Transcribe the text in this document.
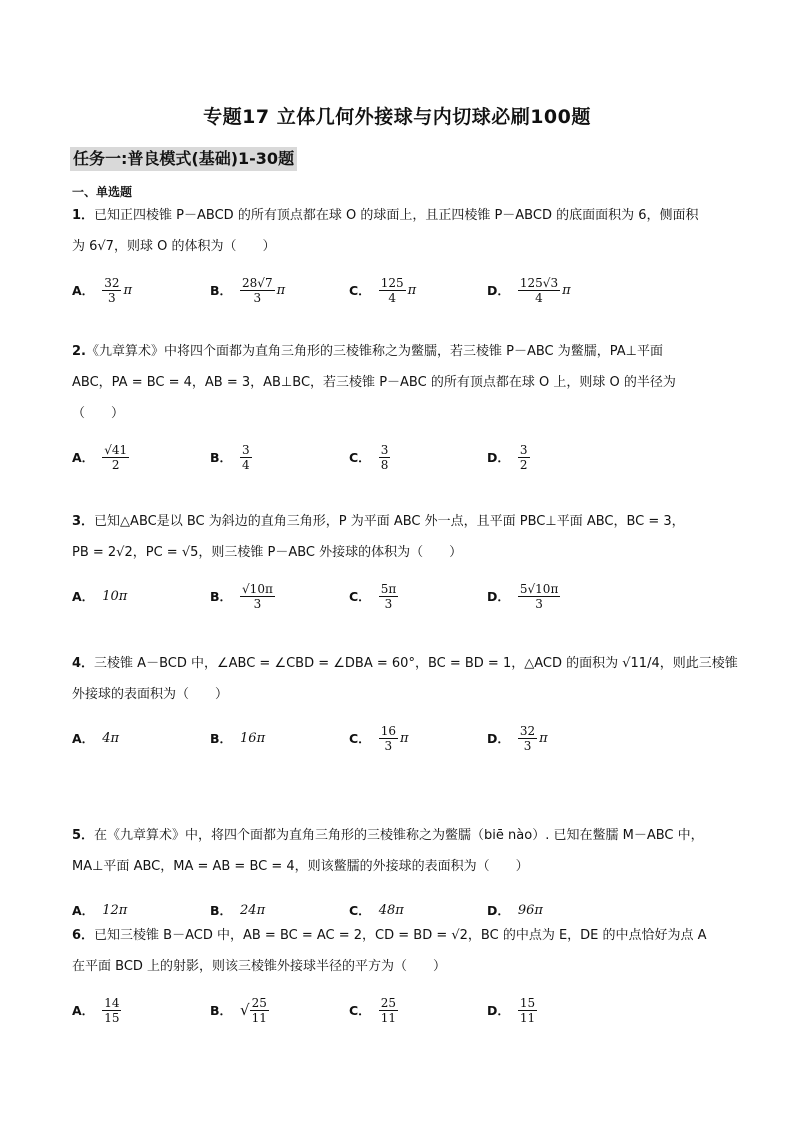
专题17 立体几何外接球与内切球必刷100题
任务一:普良模式(基础)1-30题
一、单选题
1．已知正四棱锥 P－ABCD 的所有顶点都在球 O 的球面上，且正四棱锥 P－ABCD 的底面面积为 6，侧面积
为 6√7，则球 O 的体积为（　　）
A． $\frac{32}{3}$ π	B． $\frac{28√7}{3}$ π	C． $\frac{125}{4}$ π	D． $\frac{125√3}{4}$ π
2.《九章算术》中将四个面都为直角三角形的三棱锥称之为鳖臑，若三棱锥 P－ABC 为鳖臑，PA⊥平面
ABC，PA = BC = 4，AB = 3，AB⊥BC，若三棱锥 P－ABC 的所有顶点都在球 O 上，则球 O 的半径为
（　　）
A． $\frac{√41}{2}$	B． $\frac{3}{4}$	C． $\frac{3}{8}$	D． $\frac{3}{2}$
3．已知△ABC是以 BC 为斜边的直角三角形，P 为平面 ABC 外一点，且平面 PBC⊥平面 ABC，BC = 3，
PB = 2√2，PC = √5，则三棱锥 P－ABC 外接球的体积为（　　）
A． 10π	B． $\frac{√10\pi}{3}$	C． $\frac{5\pi}{3}$	D． $\frac{5√10\pi}{3}$
4．三棱锥 A－BCD 中，∠ABC = ∠CBD = ∠DBA = 60°，BC = BD = 1，△ACD 的面积为 √11/4，则此三棱锥
外接球的表面积为（　　）
A． 4π	B． 16π	C． $\frac{16}{3}$ π	D． $\frac{32}{3}$ π
5．在《九章算术》中，将四个面都为直角三角形的三棱锥称之为鳖臑（biē nào）. 已知在鳖臑 M－ABC 中，
MA⊥平面 ABC，MA = AB = BC = 4，则该鳖臑的外接球的表面积为（　　）
A． 12π	B． 24π	C． 48π	D． 96π
6．已知三棱锥 B－ACD 中，AB = BC = AC = 2，CD = BD = √2，BC 的中点为 E，DE 的中点恰好为点 A
在平面 BCD 上的射影，则该三棱锥外接球半径的平方为（　　）
A． $\frac{14}{15}$	B． √ $\frac{25}{11}$	C． $\frac{25}{11}$	D． $\frac{15}{11}$
